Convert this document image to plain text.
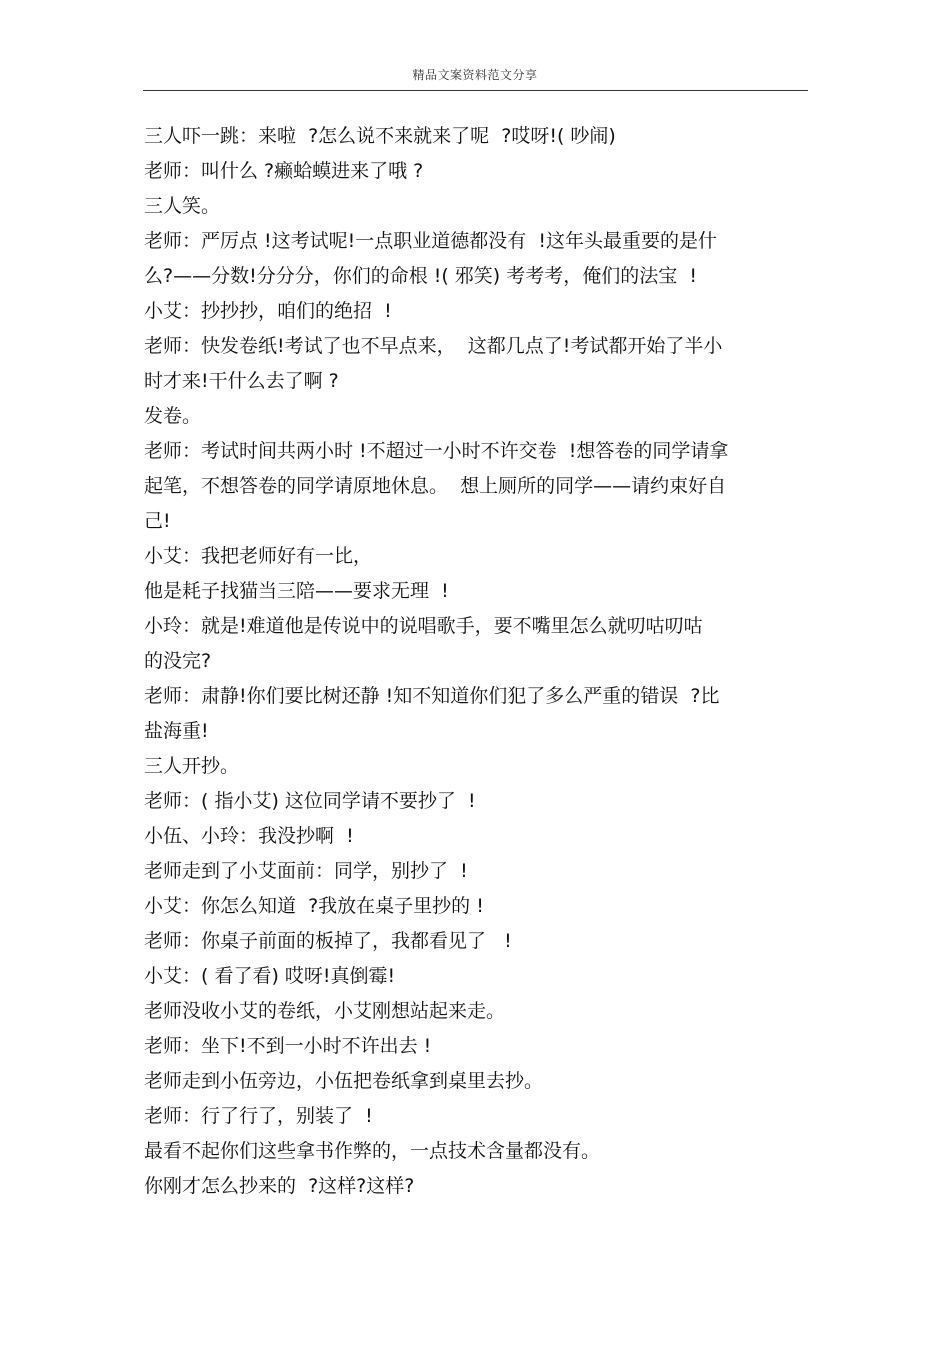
精品文案资料范文分享
三人吓一跳：来啦  ?怎么说不来就来了呢  ?哎呀!( 吵闹)
老师：叫什么 ?癞蛤蟆进来了哦 ?
三人笑。
老师：严厉点 !这考试呢!一点职业道德都没有  !这年头最重要的是什
么?——分数!分分分，你们的命根 !( 邪笑) 考考考，俺们的法宝  !
小艾：抄抄抄，咱们的绝招  !
老师：快发卷纸!考试了也不早点来，  这都几点了!考试都开始了半小
时才来!干什么去了啊 ?
发卷。
老师：考试时间共两小时 !不超过一小时不许交卷  !想答卷的同学请拿
起笔，不想答卷的同学请原地休息。  想上厕所的同学——请约束好自
己!
小艾：我把老师好有一比，
他是耗子找猫当三陪——要求无理  !
小玲：就是!难道他是传说中的说唱歌手，要不嘴里怎么就叨咕叨咕
的没完?
老师：肃静!你们要比树还静 !知不知道你们犯了多么严重的错误  ?比
盐海重!
三人开抄。
老师：( 指小艾) 这位同学请不要抄了  !
小伍、小玲：我没抄啊  !
老师走到了小艾面前：同学，别抄了  !
小艾：你怎么知道  ?我放在桌子里抄的 !
老师：你桌子前面的板掉了，我都看见了   !
小艾：( 看了看) 哎呀!真倒霉!
老师没收小艾的卷纸，小艾刚想站起来走。
老师：坐下!不到一小时不许出去 !
老师走到小伍旁边，小伍把卷纸拿到桌里去抄。
老师：行了行了，别装了  !
最看不起你们这些拿书作弊的，一点技术含量都没有。
你刚才怎么抄来的  ?这样?这样?
